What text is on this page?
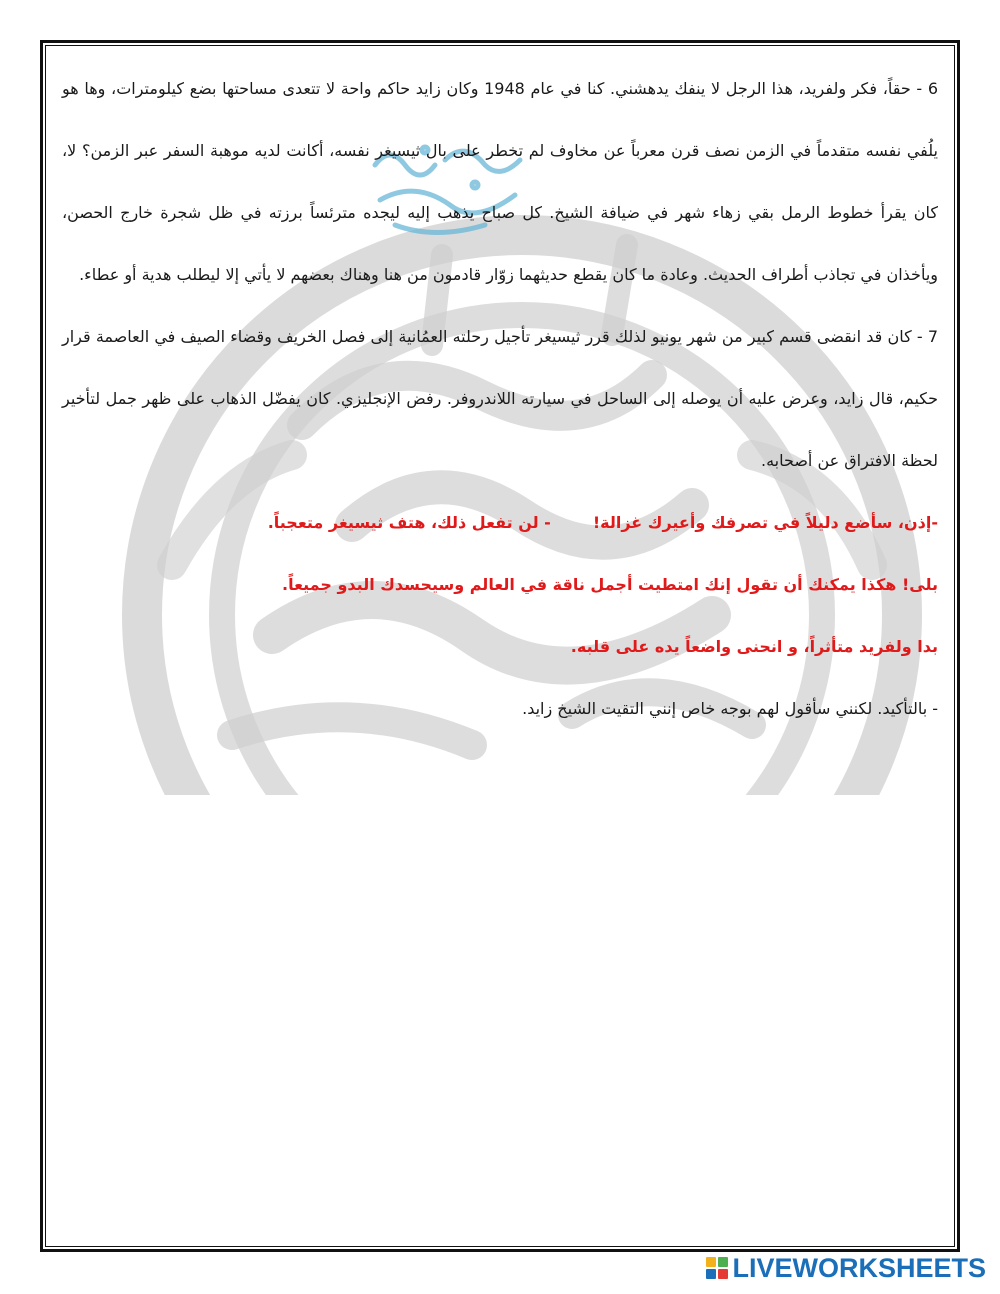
6 - حقاً، فكر ولفريد، هذا الرجل لا ينفك يدهشني. كنا في عام 1948 وكان زايد حاكم واحة لا تتعدى مساحتها بضع كيلومترات، وها هو يلُفي نفسه متقدماً في الزمن نصف قرن معرباً عن مخاوف لم تخطر على بال ثيسيغر نفسه، أكانت لديه موهبة السفر عبر الزمن؟ لا، كان يقرأ خطوط الرمل بقي زهاء شهر في ضيافة الشيخ. كل صباح يذهب إليه ليجده مترئساً برزته في ظل شجرة خارج الحصن، ويأخذان في تجاذب أطراف الحديث. وعادة ما كان يقطع حديثهما زوّار قادمون من هنا وهناك بعضهم لا يأتي إلا ليطلب هدية أو عطاء.

7 - كان قد انقضى قسم كبير من شهر يونيو لذلك قرر ثيسيغر تأجيل رحلته العمُانية إلى فصل الخريف وقضاء الصيف في العاصمة قرار حكيم، قال زايد، وعرض عليه أن يوصله إلى الساحل في سيارته اللاندروفر. رفض الإنجليزي. كان يفضّل الذهاب على ظهر جمل لتأخير لحظة الافتراق عن أصحابه.

-إذن، سأضع دليلاً في تصرفك وأعيرك غزالة!- لن تفعل ذلك، هتف ثيسيغر متعجباً.

بلى! هكذا يمكنك أن تقول إنك امتطيت أجمل ناقة في العالم وسيحسدك البدو جميعاً.

بدا ولفريد متأثراً، و انحنى واضعاً يده على قلبه.

- بالتأكيد. لكنني سأقول لهم بوجه خاص إنني التقيت الشيخ زايد.

LIVEWORKSHEETS
